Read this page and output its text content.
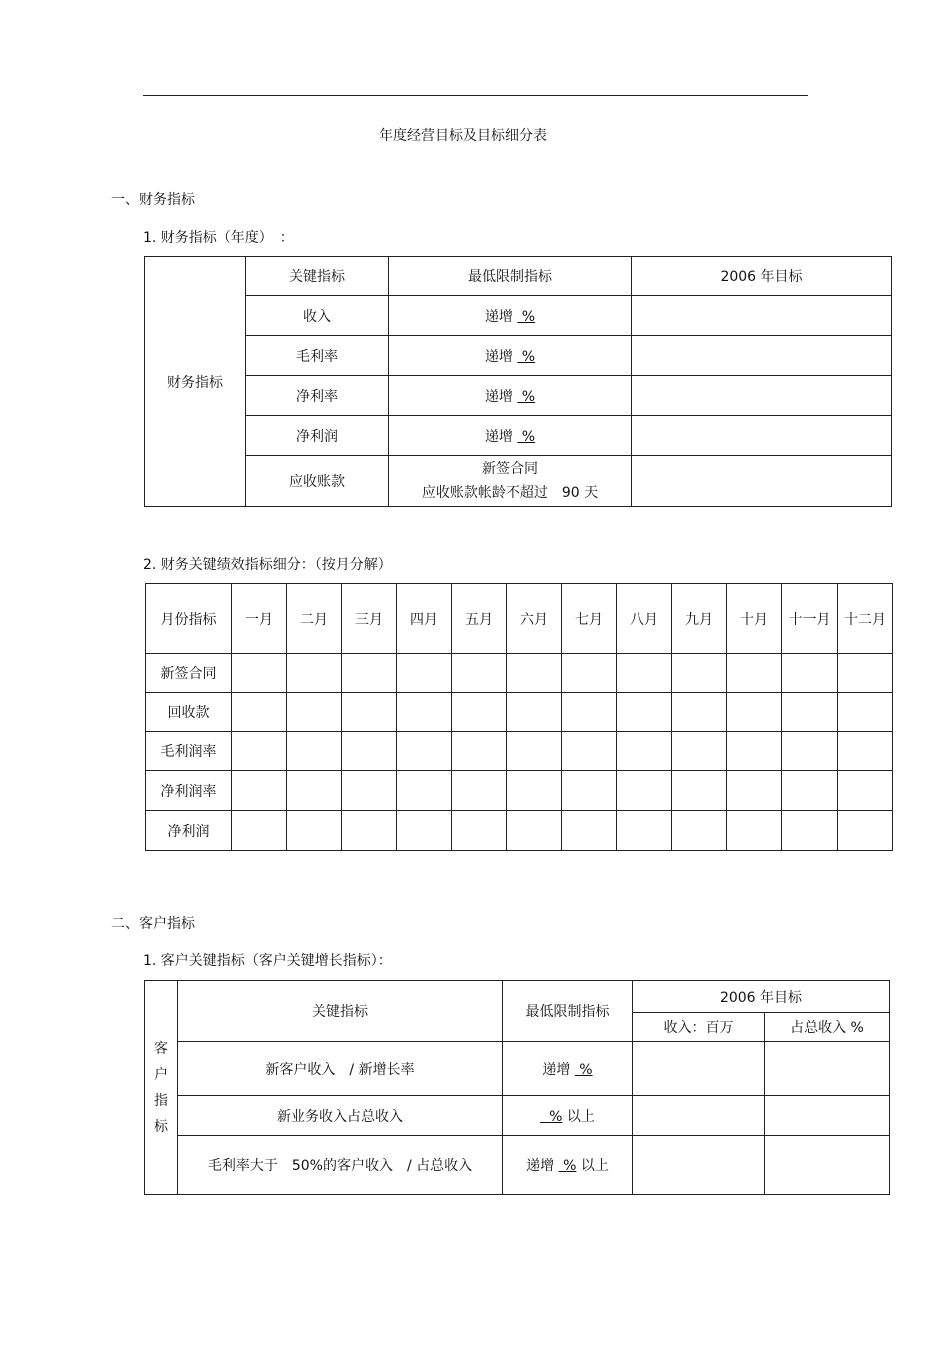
年度经营目标及目标细分表
一、财务指标
1. 财务指标（年度）　：
财务指标	关键指标	最低限制指标	2006 年目标
	收入	递增 %	
	毛利率	递增 %	
	净利率	递增 %	
	净利润	递增 %	
	应收账款	新签合同
应收账款帐龄不超过　90 天	

2. 财务关键绩效指标细分：（按月分解）
月份指标	一月	二月	三月	四月	五月	六月	七月	八月	九月	十月	十一月	十二月
新签合同												
回收款												
毛利润率												
净利润率												
净利润												
二、客户指标
1. 客户关键指标（客户关键增长指标）：
客
户
指
标	关键指标	最低限制指标	2006 年目标	
			收入：百万	占总收入 %
	新客户收入　/ 新增长率	递增 %		
	新业务收入占总收入	% 以上		
	毛利率大于　50%的客户收入　/ 占总收入	递增 % 以上		
